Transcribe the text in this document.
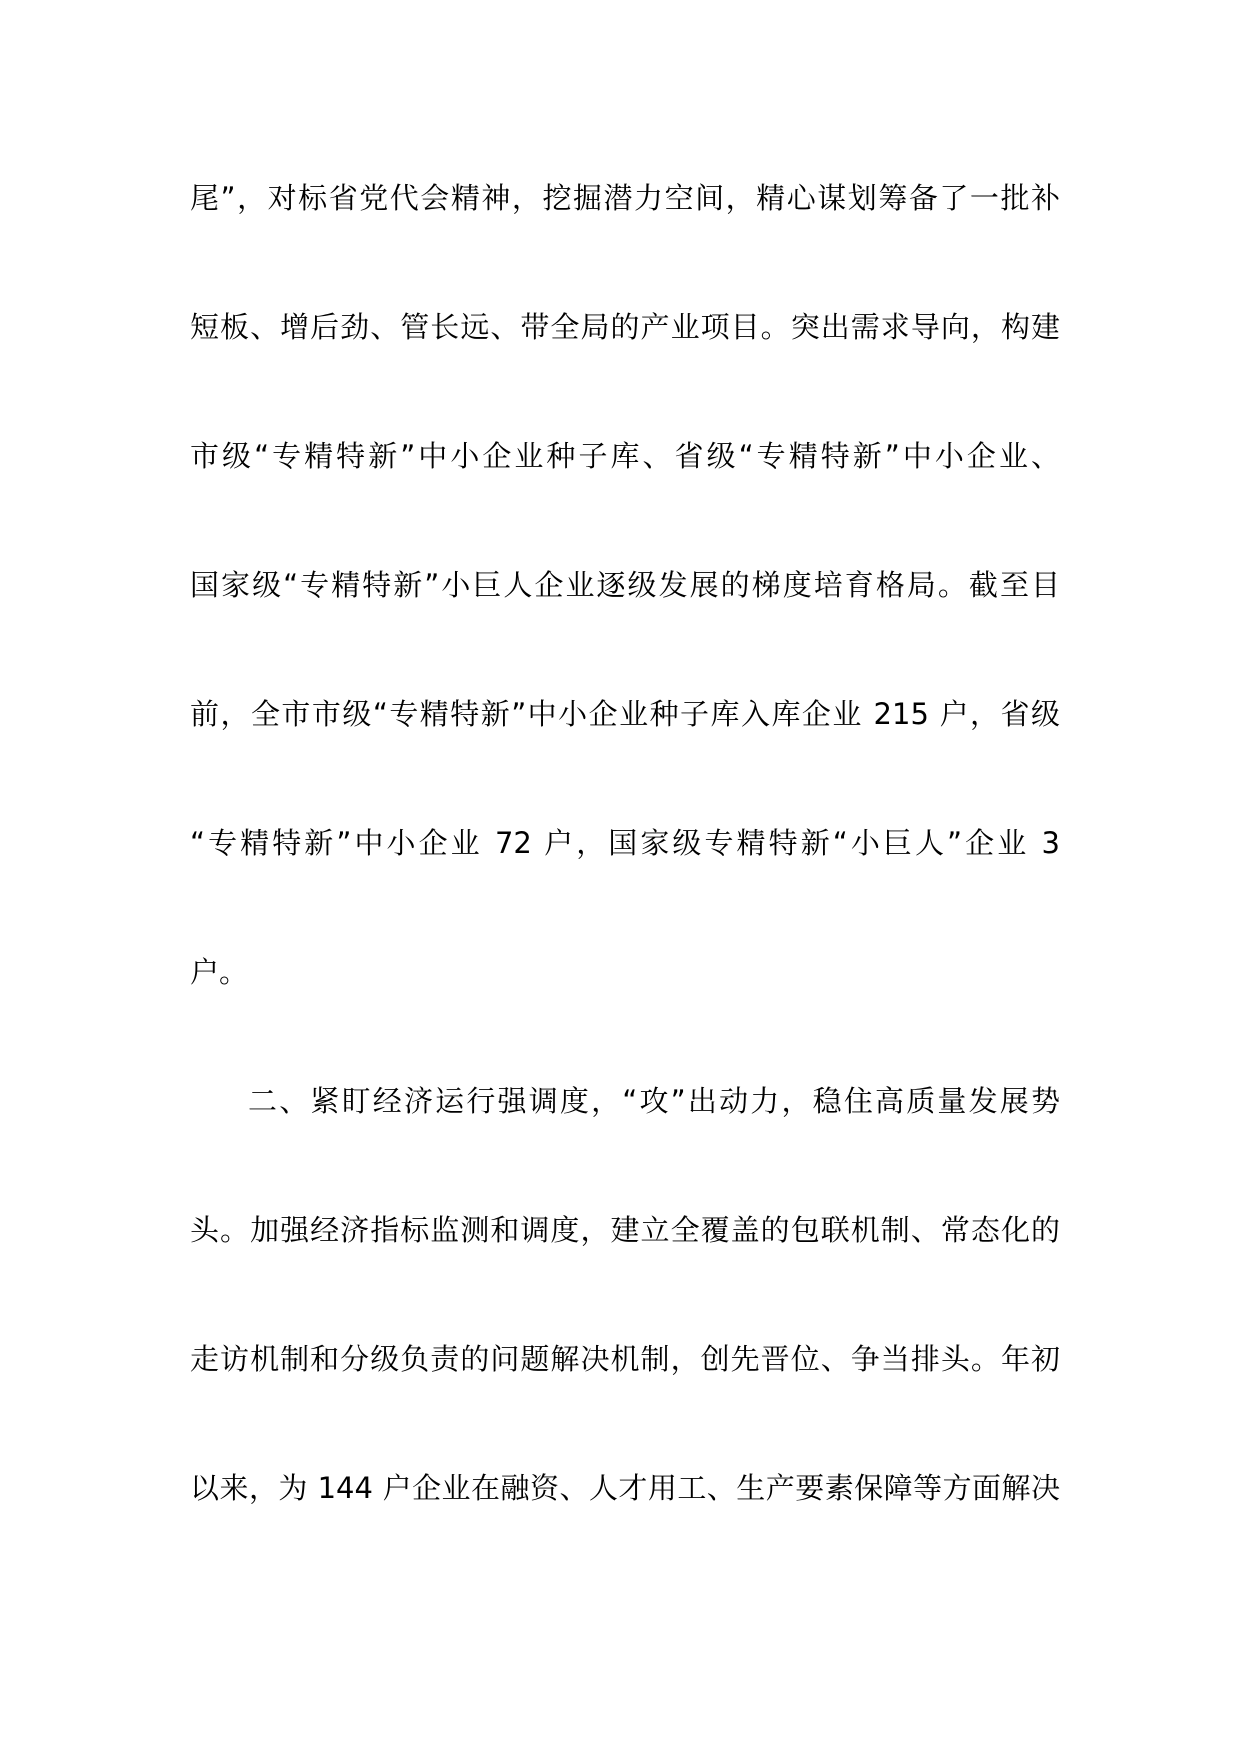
尾”，对标省党代会精神，挖掘潜力空间，精心谋划筹备了一批补
短板、增后劲、管长远、带全局的产业项目。突出需求导向，构建
市级“专精特新”中小企业种子库、省级“专精特新”中小企业、
国家级“专精特新”小巨人企业逐级发展的梯度培育格局。截至目
前，全市市级“专精特新”中小企业种子库入库企业 215 户，省级
“专精特新”中小企业 72 户，国家级专精特新“小巨人”企业 3
户。
二、紧盯经济运行强调度，“攻”出动力，稳住高质量发展势
头。加强经济指标监测和调度，建立全覆盖的包联机制、常态化的
走访机制和分级负责的问题解决机制，创先晋位、争当排头。年初
以来，为 144 户企业在融资、人才用工、生产要素保障等方面解决
